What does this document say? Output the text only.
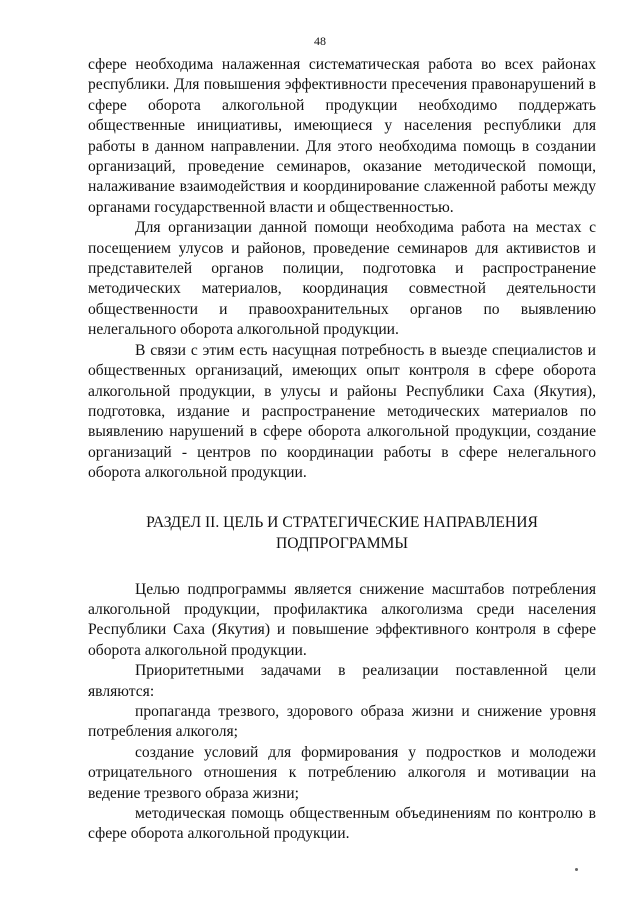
48

сфере необходима налаженная систематическая работа во всех районах республики. Для повышения эффективности пресечения правонарушений в сфере оборота алкогольной продукции необходимо поддержать общественные инициативы, имеющиеся у населения республики для работы в данном направлении. Для этого необходима помощь в создании организаций, проведение семинаров, оказание методической помощи, налаживание взаимодействия и координирование слаженной работы между органами государственной власти и общественностью.

Для организации данной помощи необходима работа на местах с посещением улусов и районов, проведение семинаров для активистов и представителей органов полиции, подготовка и распространение методических материалов, координация совместной деятельности общественности и правоохранительных органов по выявлению нелегального оборота алкогольной продукции.

В связи с этим есть насущная потребность в выезде специалистов и общественных организаций, имеющих опыт контроля в сфере оборота алкогольной продукции, в улусы и районы Республики Саха (Якутия), подготовка, издание и распространение методических материалов по выявлению нарушений в сфере оборота алкогольной продукции, создание организаций - центров по координации работы в сфере нелегального оборота алкогольной продукции.

РАЗДЕЛ II. ЦЕЛЬ И СТРАТЕГИЧЕСКИЕ НАПРАВЛЕНИЯ
ПОДПРОГРАММЫ

Целью подпрограммы является снижение масштабов потребления алкогольной продукции, профилактика алкоголизма среди населения Республики Саха (Якутия) и повышение эффективного контроля в сфере оборота алкогольной продукции.

Приоритетными задачами в реализации поставленной цели являются:

пропаганда трезвого, здорового образа жизни и снижение уровня потребления алкоголя;

создание условий для формирования у подростков и молодежи отрицательного отношения к потреблению алкоголя и мотивации на ведение трезвого образа жизни;

методическая помощь общественным объединениям по контролю в сфере оборота алкогольной продукции.
